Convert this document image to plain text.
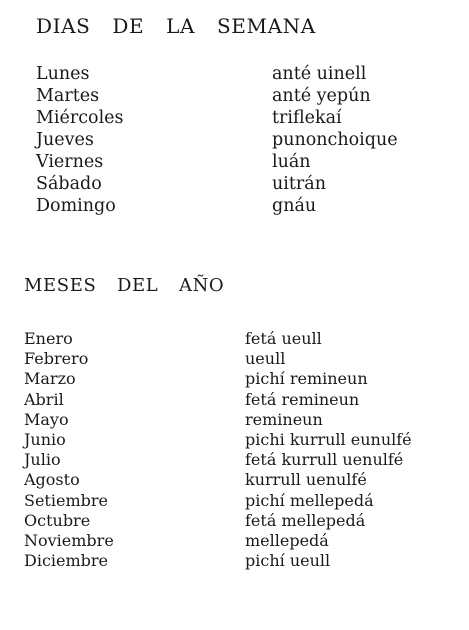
DIAS  DE  LA  SEMANA
Lunes	anté uinell
Martes	anté yepún
Miércoles	triflekaí
Jueves	punonchoique
Viernes	luán
Sábado	uitrán
Domingo	gnáu
MESES  DEL  AÑO
Enero	fetá ueull
Febrero	ueull
Marzo	pichí remineun
Abril	fetá remineun
Mayo	remineun
Junio	pichi kurrull eunulfé
Julio	fetá kurrull uenulfé
Agosto	kurrull uenulfé
Setiembre	pichí mellepedá
Octubre	fetá mellepedá
Noviembre	mellepedá
Diciembre	pichí ueull
